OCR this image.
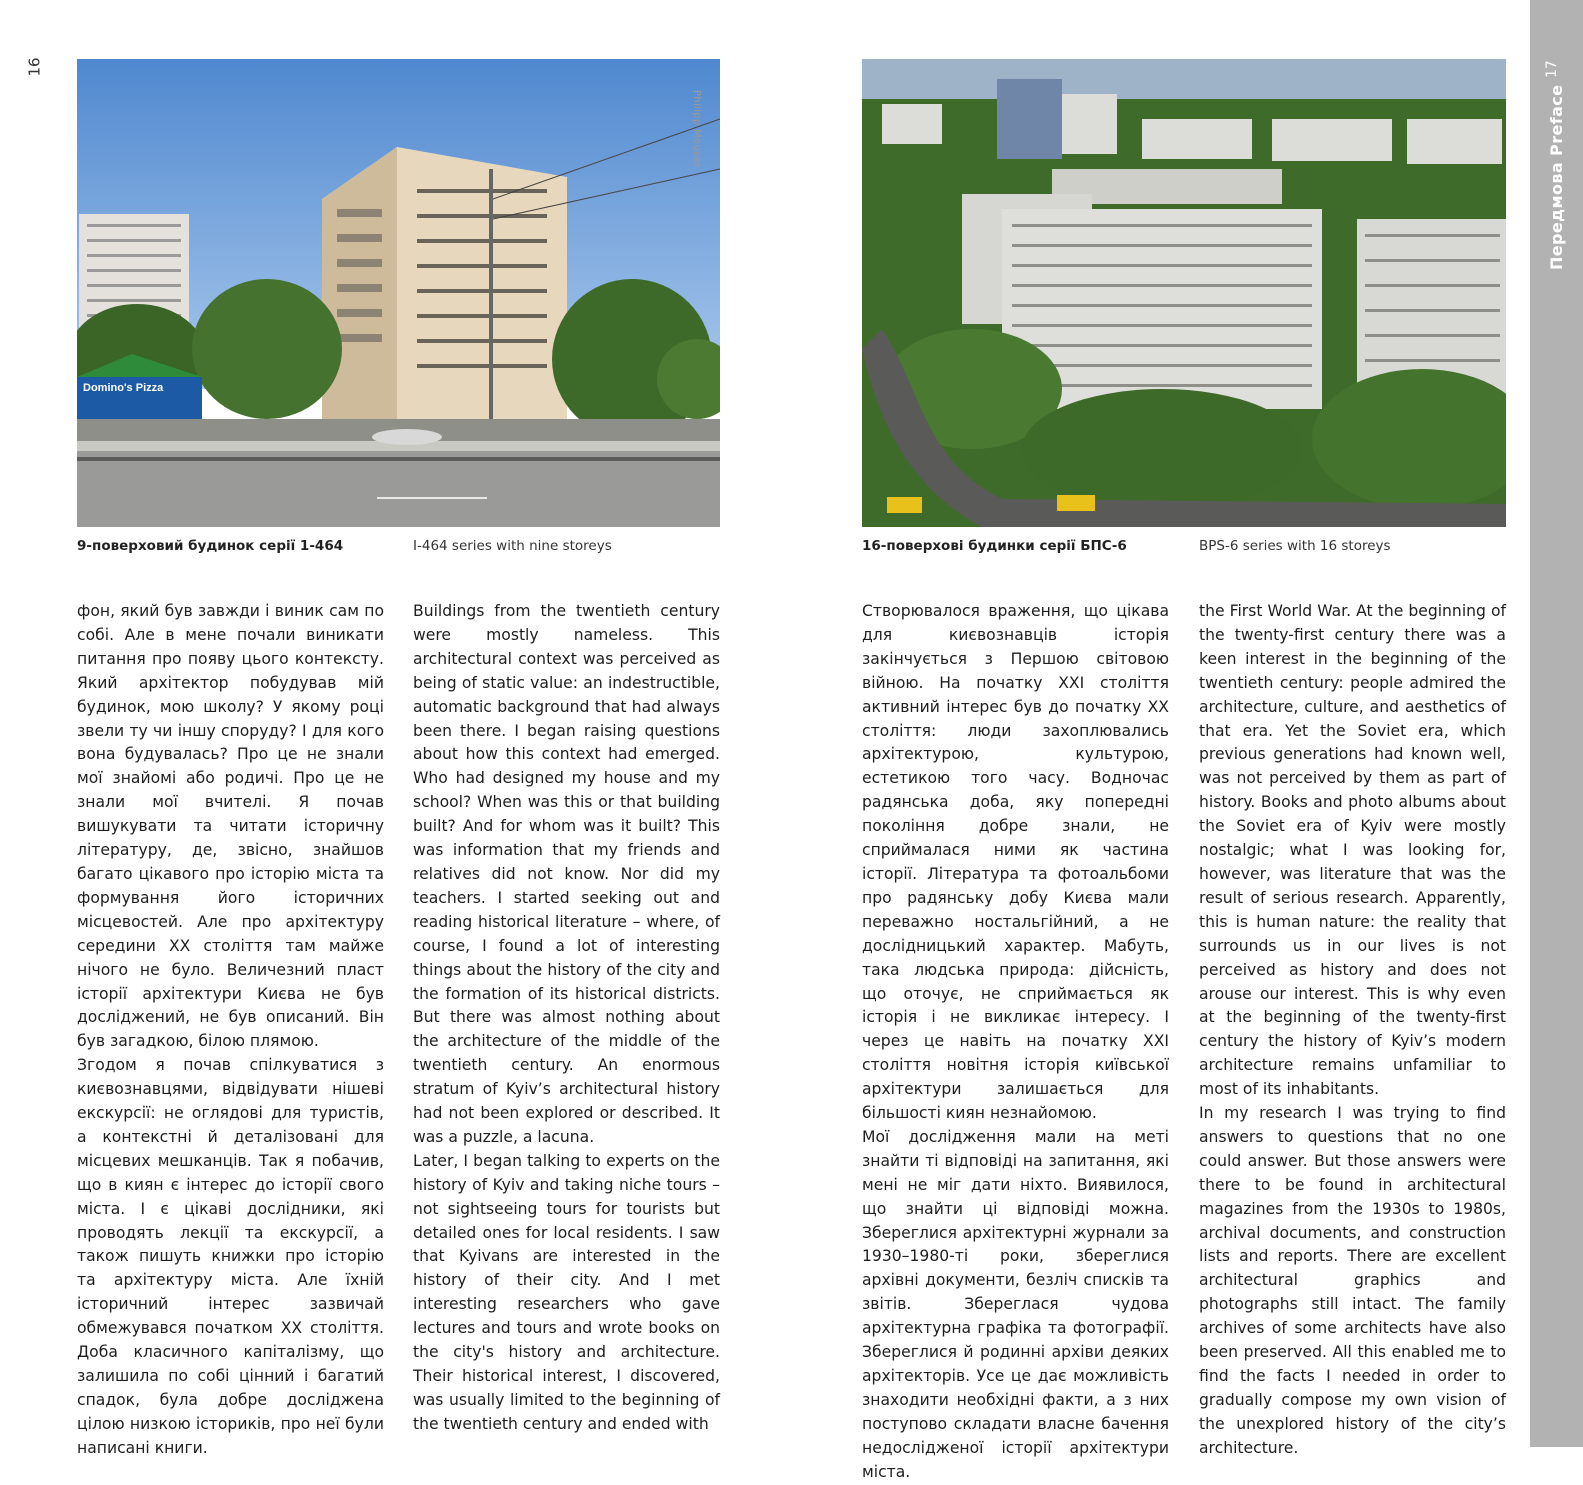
16
Domino's Pizza
Philipp Meuser
9-поверховий будинок серії 1-464	I-464 series with nine storeys

фон, який був завжди і виник сам по собі. Але в мене почали виникати питання про появу цього контексту. Який архітектор побудував мій будинок, мою школу? У якому році звели ту чи іншу споруду? І для кого вона будувалась? Про це не знали мої знайомі або родичі. Про це не знали мої вчителі. Я почав вишукувати та читати історичну літературу, де, звісно, знайшов багато цікавого про історію міста та формування його історичних місцевостей. Але про архітектуру середини XX століття там майже нічого не було. Величезний пласт історії архітектури Києва не був досліджений, не був описаний. Він був загадкою, білою плямою.

Згодом я почав спілкуватися з києвознавцями, відвідувати нішеві екскурсії: не оглядові для туристів, а контекстні й деталізовані для місцевих мешканців. Так я побачив, що в киян є інтерес до історії свого міста. І є цікаві дослідники, які проводять лекції та екскурсії, а також пишуть книжки про історію та архітектуру міста. Але їхній історичний інтерес зазвичай обмежувався початком XX століття. Доба класичного капіталізму, що залишила по собі цінний і багатий спадок, була добре досліджена цілою низкою істориків, про неї були написані книги.

Buildings from the twentieth century were mostly nameless. This architectural context was perceived as being of static value: an indestructible, automatic background that had always been there. I began raising questions about how this context had emerged. Who had designed my house and my school? When was this or that building built? And for whom was it built? This was information that my friends and relatives did not know. Nor did my teachers. I started seeking out and reading historical literature – where, of course, I found a lot of interesting things about the history of the city and the formation of its historical districts. But there was almost nothing about the architecture of the middle of the twentieth century. An enormous stratum of Kyiv’s architectural history had not been explored or described. It was a puzzle, a lacuna.

Later, I began talking to experts on the history of Kyiv and taking niche tours – not sightseeing tours for tourists but detailed ones for local residents. I saw that Kyivans are interested in the history of their city. And I met interesting researchers who gave lectures and tours and wrote books on the city's history and architecture. Their historical interest, I discovered, was usually limited to the beginning of the twentieth century and ended with

16-поверхові будинки серії БПС-6	BPS-6 series with 16 storeys

Створювалося враження, що цікава для києвознавців історія закінчується з Першою світовою війною. На початку XXI століття активний інтерес був до початку XX століття: люди захоплювались архітектурою, культурою, естетикою того часу. Водночас радянська доба, яку попередні покоління добре знали, не сприймалася ними як частина історії. Література та фотоальбоми про радянську добу Києва мали переважно ностальгійний, а не дослідницький характер. Мабуть, така людська природа: дійсність, що оточує, не сприймається як історія і не викликає інтересу. І через це навіть на початку XXI століття новітня історія київської архітектури залишається для більшості киян незнайомою.

Мої дослідження мали на меті знайти ті відповіді на запитання, які мені не міг дати ніхто. Виявилося, що знайти ці відповіді можна. Збереглися архітектурні журнали за 1930–1980-ті роки, збереглися архівні документи, безліч списків та звітів. Збереглася чудова архітектурна графіка та фотографії. Збереглися й родинні архіви деяких архітекторів. Усе це дає можливість знаходити необхідні факти, а з них поступово складати власне бачення недослідженої історії архітектури міста.

the First World War. At the beginning of the twenty-first century there was a keen interest in the beginning of the twentieth century: people admired the architecture, culture, and aesthetics of that era. Yet the Soviet era, which previous generations had known well, was not perceived by them as part of history. Books and photo albums about the Soviet era of Kyiv were mostly nostalgic; what I was looking for, however, was literature that was the result of serious research. Apparently, this is human nature: the reality that surrounds us in our lives is not perceived as history and does not arouse our interest. This is why even at the beginning of the twenty-first century the history of Kyiv’s modern architecture remains unfamiliar to most of its inhabitants.

In my research I was trying to find answers to questions that no one could answer. But those answers were there to be found in architectural magazines from the 1930s to 1980s, archival documents, and construction lists and reports. There are excellent architectural graphics and photographs still intact. The family archives of some architects have also been preserved. All this enabled me to find the facts I needed in order to gradually compose my own vision of the unexplored history of the city’s architecture.

17
ПередмоваPreface
